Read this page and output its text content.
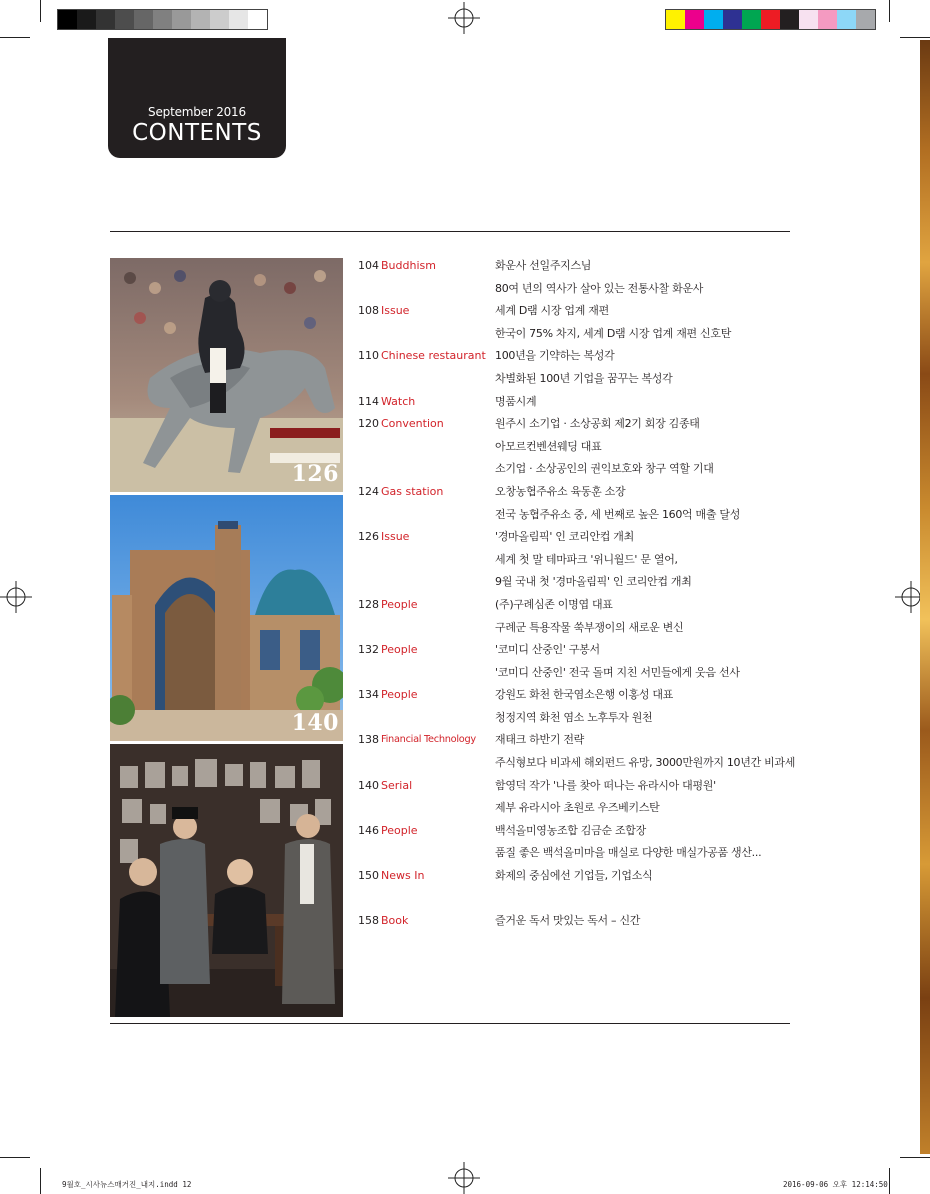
September 2016
CONTENTS
126
140
104 Buddhism	화운사 선일주지스님
80여 년의 역사가 살아 있는 전통사찰 화운사
108 Issue	세계 D램 시장 업계 재편
한국이 75% 차지, 세계 D램 시장 업계 재편 신호탄
110 Chinese restaurant 100년을 기약하는 복성각
차별화된 100년 기업을 꿈꾸는 복성각
114 Watch	명품시계
120 Convention	원주시 소기업 · 소상공회 제2기 회장 김종태
아모르컨벤션웨딩 대표
소기업 · 소상공인의 권익보호와 창구 역할 기대
124 Gas station	오창농협주유소 육동훈 소장
전국 농협주유소 중, 세 번째로 높은 160억 매출 달성
126 Issue	'경마올림픽' 인 코리안컵 개최
세계 첫 말 테마파크 '위니월드' 문 열어,
9월 국내 첫 '경마올림픽' 인 코리안컵 개최
128 People	(주)구례심존 이명엽 대표
구례군 특용작물 쑥부쟁이의 새로운 변신
132 People	'코미디 산중인' 구봉서
'코미디 산중인' 전국 돌며 지친 서민들에게 웃음 선사
134 People	강원도 화천 한국염소은행 이홍성 대표
청정지역 화천 염소 노후투자 원천
138 Financial Technology 재태크 하반기 전략
주식형보다 비과세 해외펀드 유망, 3000만원까지 10년간 비과세
140 Serial	함영덕 작가 '나를 찾아 떠나는 유라시아 대평원'
제부 유라시아 초원로 우즈베키스탄
146 People	백석올미영농조합 김금순 조합장
품질 좋은 백석올미마을 매실로 다양한 매실가공품 생산...
150 News In	화제의 중심에선 기업들, 기업소식
158 Book	즐거운 독서 맛있는 독서 – 신간
9월호_시사뉴스매거진_내지.indd 12	2016-09-06 오후 12:14:50
